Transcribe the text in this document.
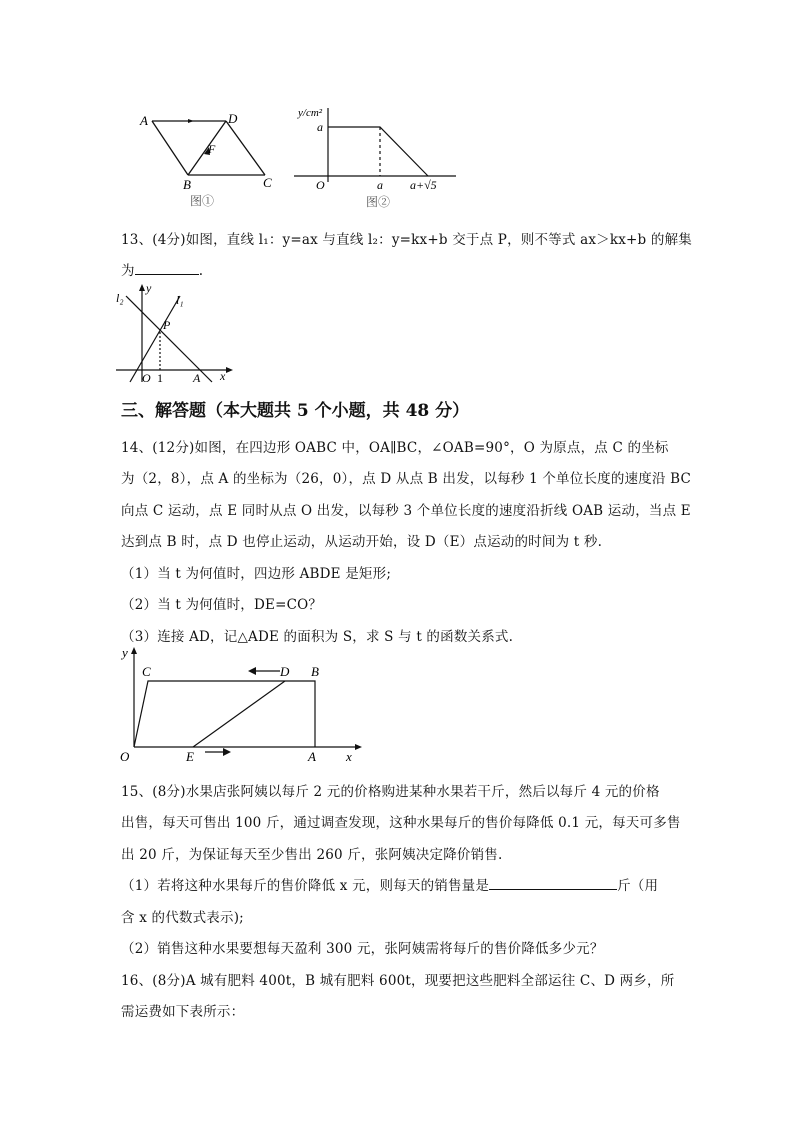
A	D
B	C
F
图①
y/cm²
a
O	a a+√5
图②
13、(4分)如图，直线 l₁：y=ax 与直线 l₂：y=kx+b 交于点 P，则不等式 ax＞kx+b 的解集
为	.
l₂
y
l₁
P
O 1	A x
三、解答题（本大题共 5 个小题，共 48 分）
14、(12分)如图，在四边形 OABC 中，OA∥BC，∠OAB=90°，O 为原点，点 C 的坐标
为（2，8），点 A 的坐标为（26，0），点 D 从点 B 出发，以每秒 1 个单位长度的速度沿 BC
向点 C 运动，点 E 同时从点 O 出发，以每秒 3 个单位长度的速度沿折线 OAB 运动，当点 E
达到点 B 时，点 D 也停止运动，从运动开始，设 D（E）点运动的时间为 t 秒.
（1）当 t 为何值时，四边形 ABDE 是矩形;
（2）当 t 为何值时，DE=CO？
（3）连接 AD，记△ADE 的面积为 S，求 S 与 t 的函数关系式.
y
C	D B
O	E	A x
15、(8分)水果店张阿姨以每斤 2 元的价格购进某种水果若干斤，然后以每斤 4 元的价格
出售，每天可售出 100 斤，通过调查发现，这种水果每斤的售价每降低 0.1 元，每天可多售
出 20 斤，为保证每天至少售出 260 斤，张阿姨决定降价销售.
（1）若将这种水果每斤的售价降低 x 元，则每天的销售量是	斤（用
含 x 的代数式表示);
（2）销售这种水果要想每天盈利 300 元，张阿姨需将每斤的售价降低多少元？
16、(8分)A 城有肥料 400t，B 城有肥料 600t，现要把这些肥料全部运往 C、D 两乡，所
需运费如下表所示：
